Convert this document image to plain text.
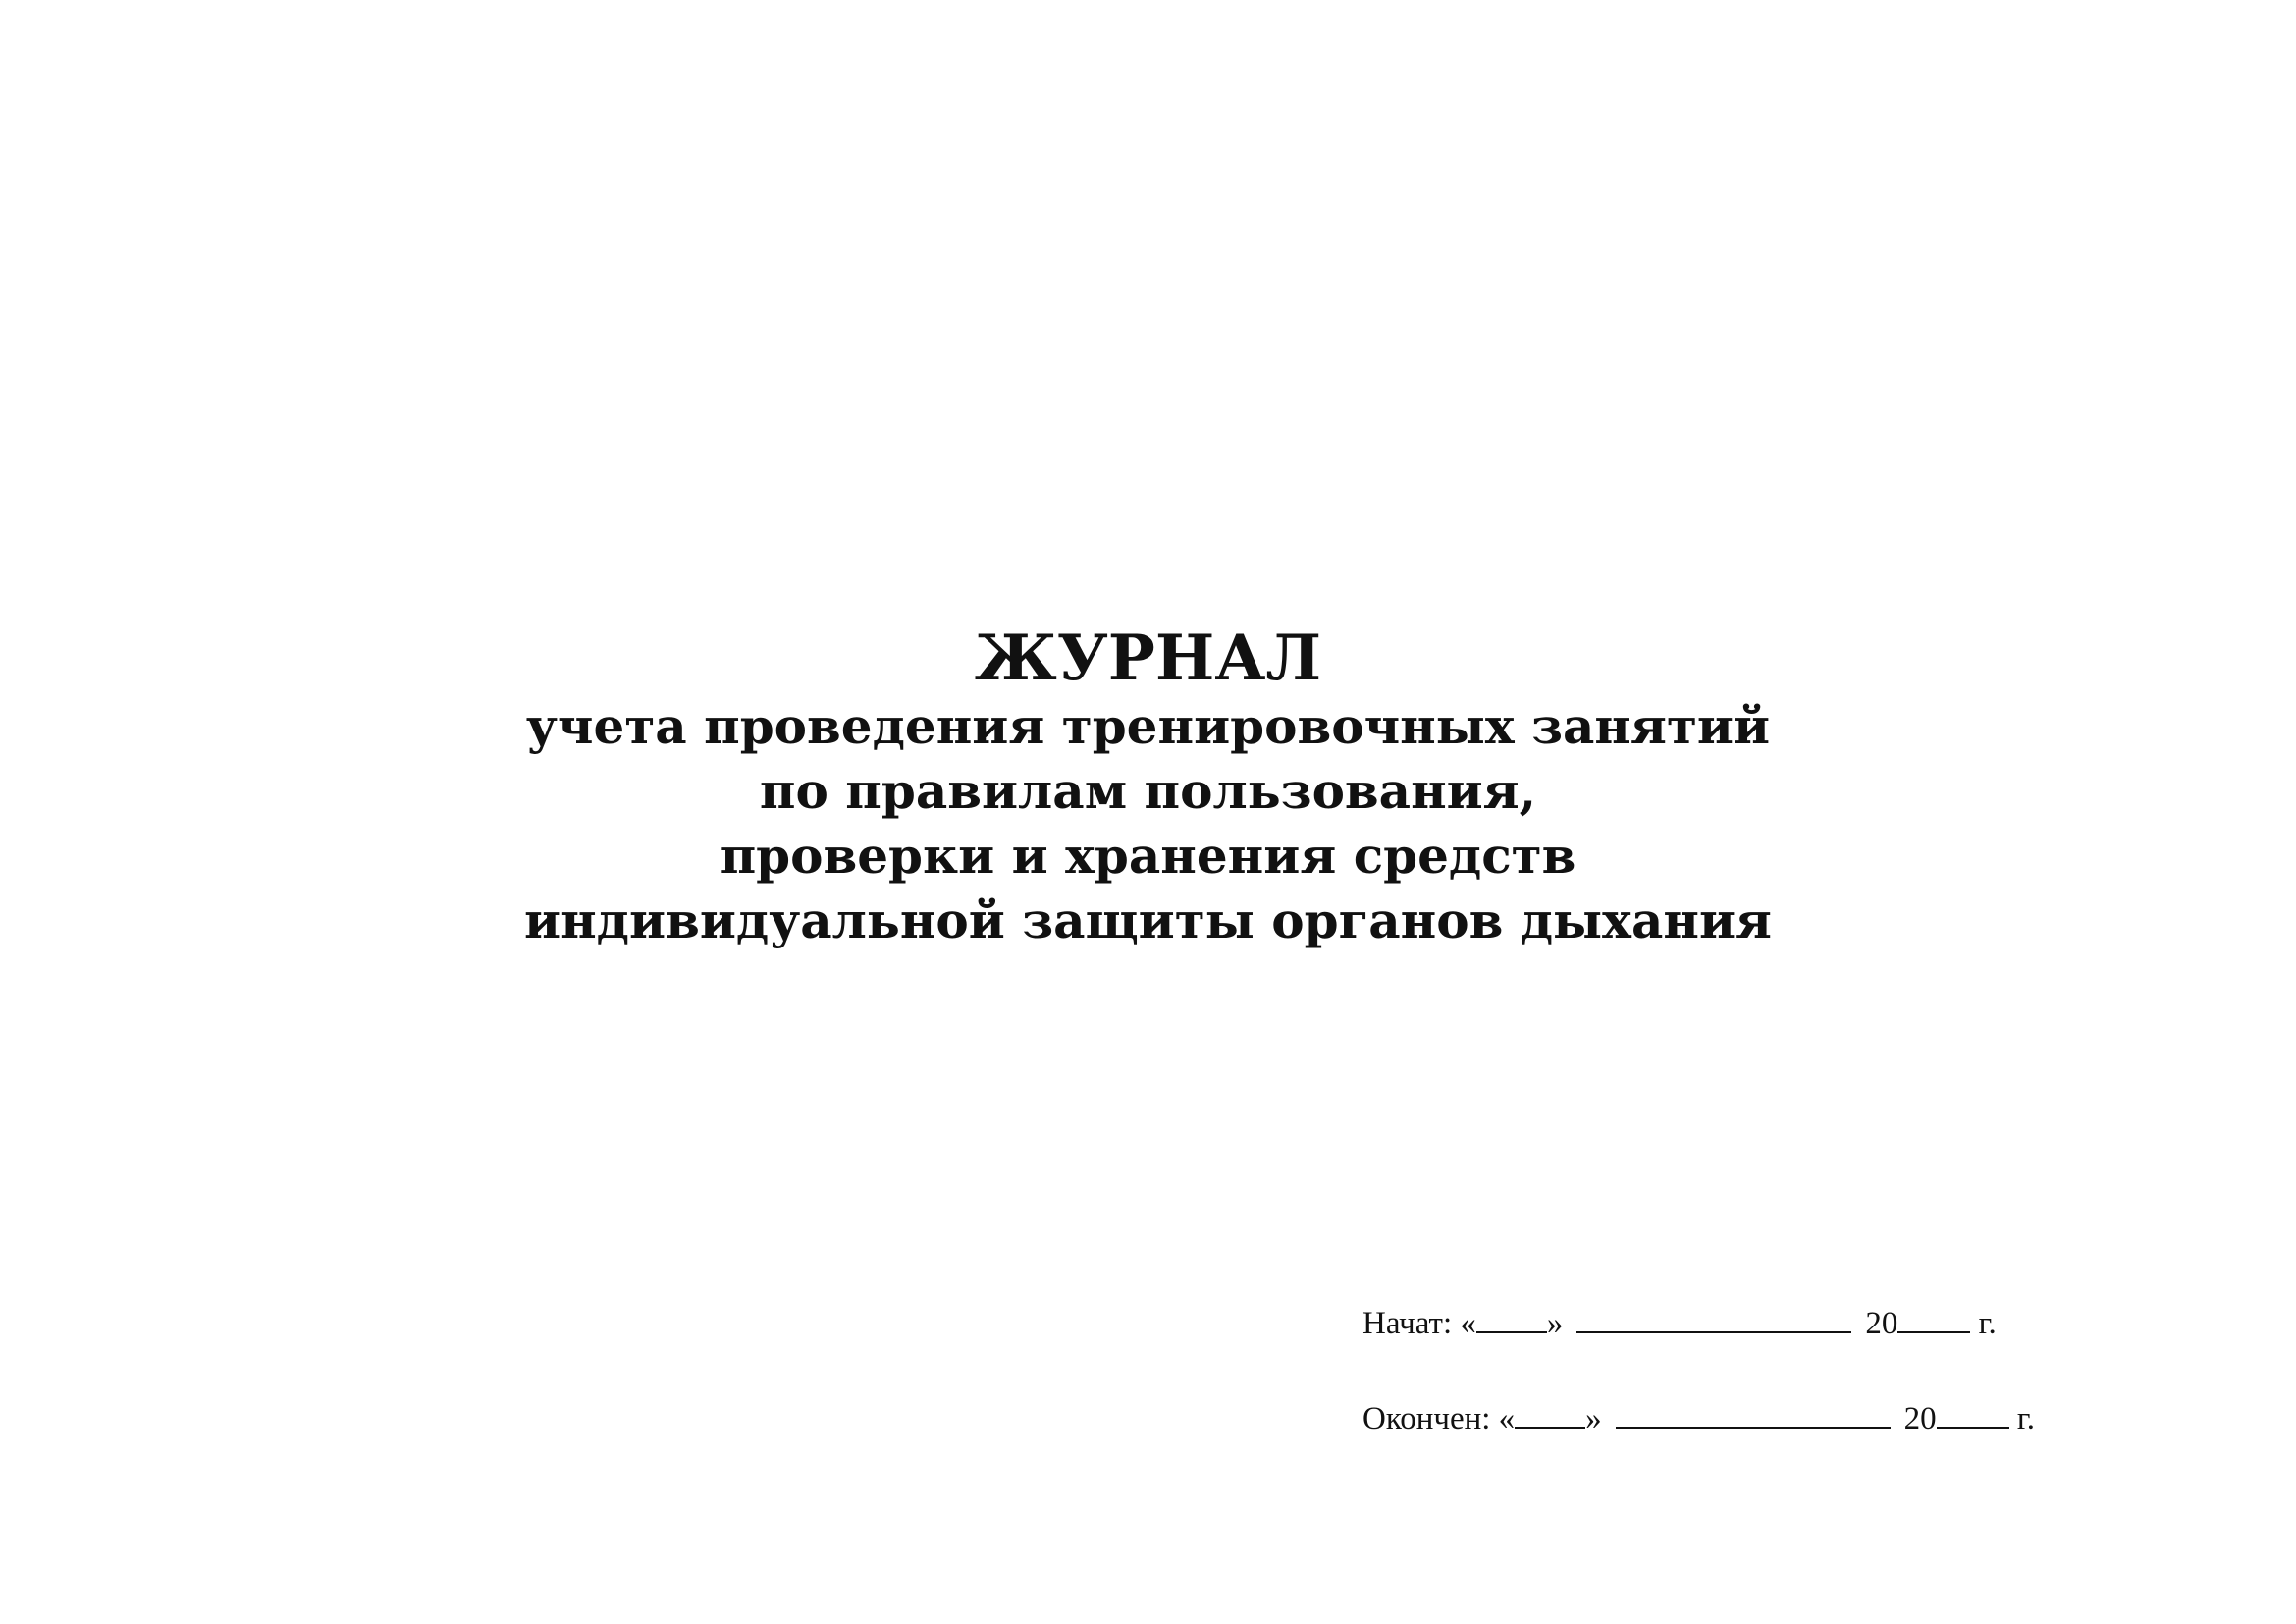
ЖУРНАЛ

учета проведения тренировочных занятий

по правилам пользования,

проверки и хранения средств

индивидуальной защиты органов дыхания

Начат: « »	20 г.

Окончен: « »	20 г.
